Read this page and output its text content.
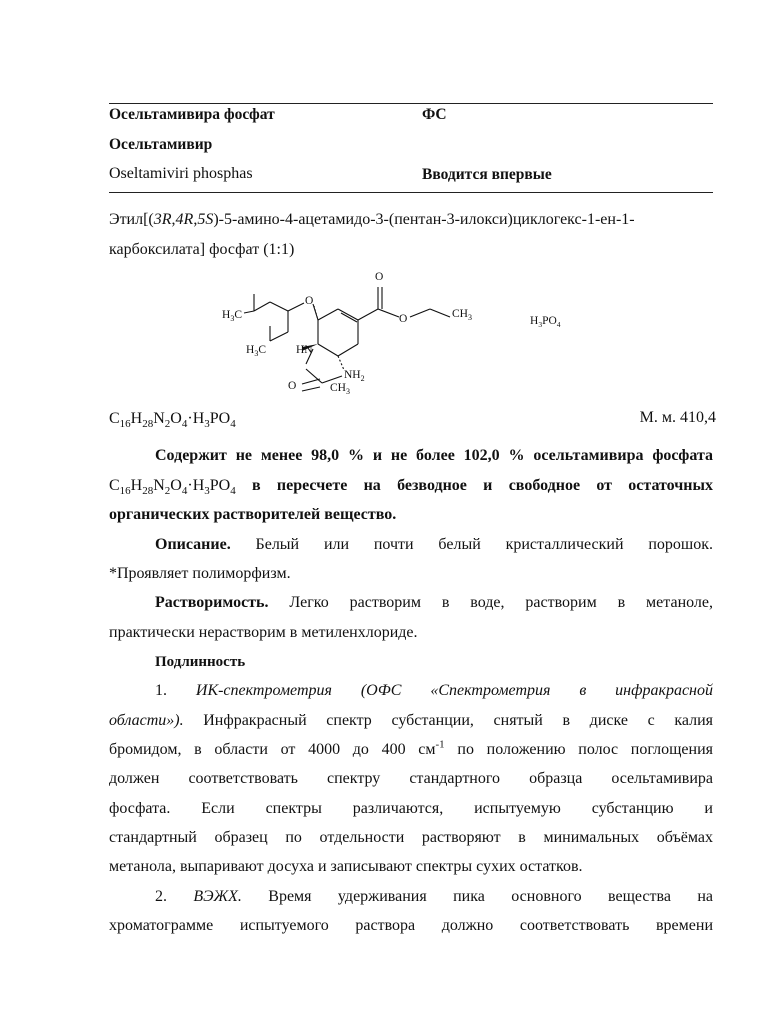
Осельтамивира фосфат	ФС
Осельтамивир
Oseltamiviri phosphas	Вводится впервые
Этил[(3R,4R,5S)-5-амино-4-ацетамидо-3-(пентан-3-илокси)циклогекс-1-ен-1-
карбоксилата] фосфат (1:1)
O
O	$CH_3$
O
$H_3C$
$H_3C$	HN
$NH_2$
O	$CH_3$
$H_3PO_4$
$C_{16}H_{28}N_2O_4\cdot H_3PO_4$	М. м. 410,4
Содержит не менее 98,0 % и не более 102,0 % осельтамивира фосфата
$C_{16}H_{28}N_2O_4\cdot H_3PO_4$ в пересчете на безводное и свободное от остаточных
органических растворителей вещество.
Описание. Белый или почти белый кристаллический порошок.
*Проявляет полиморфизм.
Растворимость. Легко растворим в воде, растворим в метаноле,
практически нерастворим в метиленхлориде.
Подлинность
1. ИК-спектрометрия (ОФС «Спектрометрия в инфракрасной
области»). Инфракрасный спектр субстанции, снятый в диске с калия
бромидом, в области от 4000 до 400 $см^{-1}$ по положению полос поглощения
должен соответствовать спектру стандартного образца осельтамивира
фосфата. Если спектры различаются, испытуемую субстанцию и
стандартный образец по отдельности растворяют в минимальных объёмах
метанола, выпаривают досуха и записывают спектры сухих остатков.
2. ВЭЖХ. Время удерживания пика основного вещества на
хроматограмме испытуемого раствора должно соответствовать времени
